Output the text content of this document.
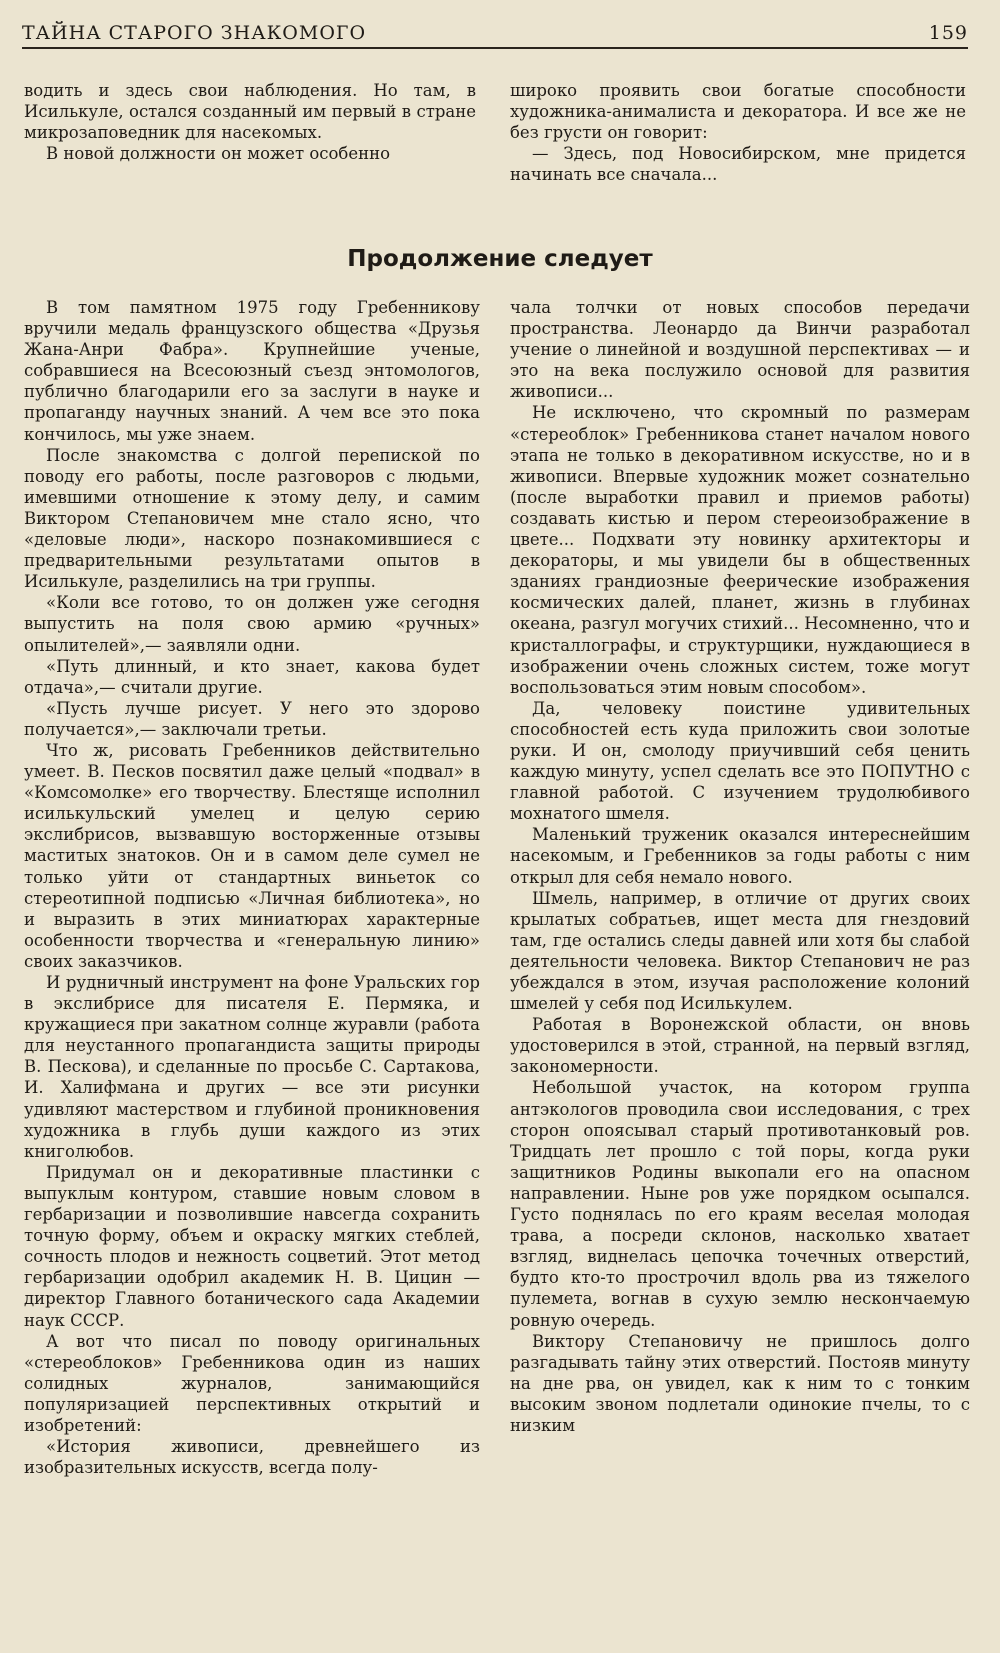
ТАЙНА СТАРОГО ЗНАКОМОГО	159

водить и здесь свои наблюдения. Но там, в Исилькуле, остался созданный им первый в стране микрозаповедник для насекомых.

В новой должности он может особенно

широко проявить свои богатые способности художника-анималиста и декоратора. И все же не без грусти он говорит:

— Здесь, под Новосибирском, мне придется начинать все сначала...

Продолжение следует

В том памятном 1975 году Гребенникову вручили медаль французского общества «Друзья Жана-Анри Фабра». Крупнейшие ученые, собравшиеся на Всесоюзный съезд энтомологов, публично благодарили его за заслуги в науке и пропаганду научных знаний. А чем все это пока кончилось, мы уже знаем.

После знакомства с долгой перепиской по поводу его работы, после разговоров с людьми, имевшими отношение к этому делу, и самим Виктором Степановичем мне стало ясно, что «деловые люди», наскоро познакомившиеся с предварительными результатами опытов в Исилькуле, разделились на три группы.

«Коли все готово, то он должен уже сегодня выпустить на поля свою армию «ручных» опылителей»,— заявляли одни.

«Путь длинный, и кто знает, какова будет отдача»,— считали другие.

«Пусть лучше рисует. У него это здорово получается»,— заключали третьи.

Что ж, рисовать Гребенников действительно умеет. В. Песков посвятил даже целый «подвал» в «Комсомолке» его творчеству. Блестяще исполнил исилькульский умелец и целую серию экслибрисов, вызвавшую восторженные отзывы маститых знатоков. Он и в самом деле сумел не только уйти от стандартных виньеток со стереотипной подписью «Личная библиотека», но и выразить в этих миниатюрах характерные особенности творчества и «генеральную линию» своих заказчиков.

И рудничный инструмент на фоне Уральских гор в экслибрисе для писателя Е. Пермяка, и кружащиеся при закатном солнце журавли (работа для неустанного пропагандиста защиты природы В. Пескова), и сделанные по просьбе С. Сартакова, И. Халифмана и других — все эти рисунки удивляют мастерством и глубиной проникновения художника в глубь души каждого из этих книголюбов.

Придумал он и декоративные пластинки с выпуклым контуром, ставшие новым словом в гербаризации и позволившие навсегда сохранить точную форму, объем и окраску мягких стеблей, сочность плодов и нежность соцветий. Этот метод гербаризации одобрил академик Н. В. Цицин — директор Главного ботанического сада Академии наук СССР.

А вот что писал по поводу оригинальных «стереоблоков» Гребенникова один из наших солидных журналов, занимающийся популяризацией перспективных открытий и изобретений:

«История живописи, древнейшего из изобразительных искусств, всегда полу-

чала толчки от новых способов передачи пространства. Леонардо да Винчи разработал учение о линейной и воздушной перспективах — и это на века послужило основой для развития живописи...

Не исключено, что скромный по размерам «стереоблок» Гребенникова станет началом нового этапа не только в декоративном искусстве, но и в живописи. Впервые художник может сознательно (после выработки правил и приемов работы) создавать кистью и пером стереоизображение в цвете... Подхвати эту новинку архитекторы и декораторы, и мы увидели бы в общественных зданиях грандиозные феерические изображения космических далей, планет, жизнь в глубинах океана, разгул могучих стихий... Несомненно, что и кристаллографы, и структурщики, нуждающиеся в изображении очень сложных систем, тоже могут воспользоваться этим новым способом».

Да, человеку поистине удивительных способностей есть куда приложить свои золотые руки. И он, смолоду приучивший себя ценить каждую минуту, успел сделать все это ПОПУТНО с главной работой. С изучением трудолюбивого мохнатого шмеля.

Маленький труженик оказался интереснейшим насекомым, и Гребенников за годы работы с ним открыл для себя немало нового.

Шмель, например, в отличие от других своих крылатых собратьев, ищет места для гнездовий там, где остались следы давней или хотя бы слабой деятельности человека. Виктор Степанович не раз убеждался в этом, изучая расположение колоний шмелей у себя под Исилькулем.

Работая в Воронежской области, он вновь удостоверился в этой, странной, на первый взгляд, закономерности.

Небольшой участок, на котором группа антэкологов проводила свои исследования, с трех сторон опоясывал старый противотанковый ров. Тридцать лет прошло с той поры, когда руки защитников Родины выкопали его на опасном направлении. Ныне ров уже порядком осыпался. Густо поднялась по его краям веселая молодая трава, а посреди склонов, насколько хватает взгляд, виднелась цепочка точечных отверстий, будто кто-то прострочил вдоль рва из тяжелого пулемета, вогнав в сухую землю нескончаемую ровную очередь.

Виктору Степановичу не пришлось долго разгадывать тайну этих отверстий. Постояв минуту на дне рва, он увидел, как к ним то с тонким высоким звоном подлетали одинокие пчелы, то с низким
